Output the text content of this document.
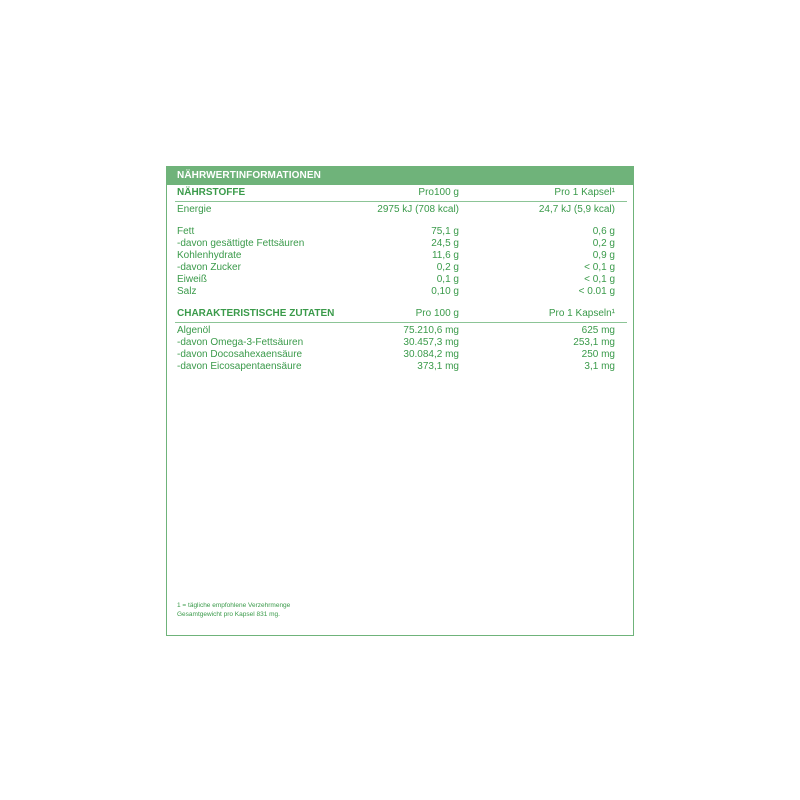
NÄHRWERTINFORMATIONEN
NÄHRSTOFFE	Pro100 g	Pro 1 Kapsel¹
Energie	2975 kJ (708 kcal)	24,7 kJ (5,9 kcal)
Fett	75,1 g	0,6 g
-davon gesättigte Fettsäuren	24,5 g	0,2 g
Kohlenhydrate	11,6 g	0,9 g
-davon Zucker	0,2 g	< 0,1 g
Eiweiß	0,1 g	< 0,1 g
Salz	0,10 g	< 0.01 g
CHARAKTERISTISCHE ZUTATEN	Pro 100 g	Pro 1 Kapseln¹
Algenöl	75.210,6 mg	625 mg
-davon Omega-3-Fettsäuren	30.457,3 mg	253,1 mg
-davon Docosahexaensäure	30.084,2 mg	250 mg
-davon Eicosapentaensäure	373,1 mg	3,1 mg
1 = tägliche empfohlene Verzehrmenge
Gesamtgewicht pro Kapsel 831 mg.
